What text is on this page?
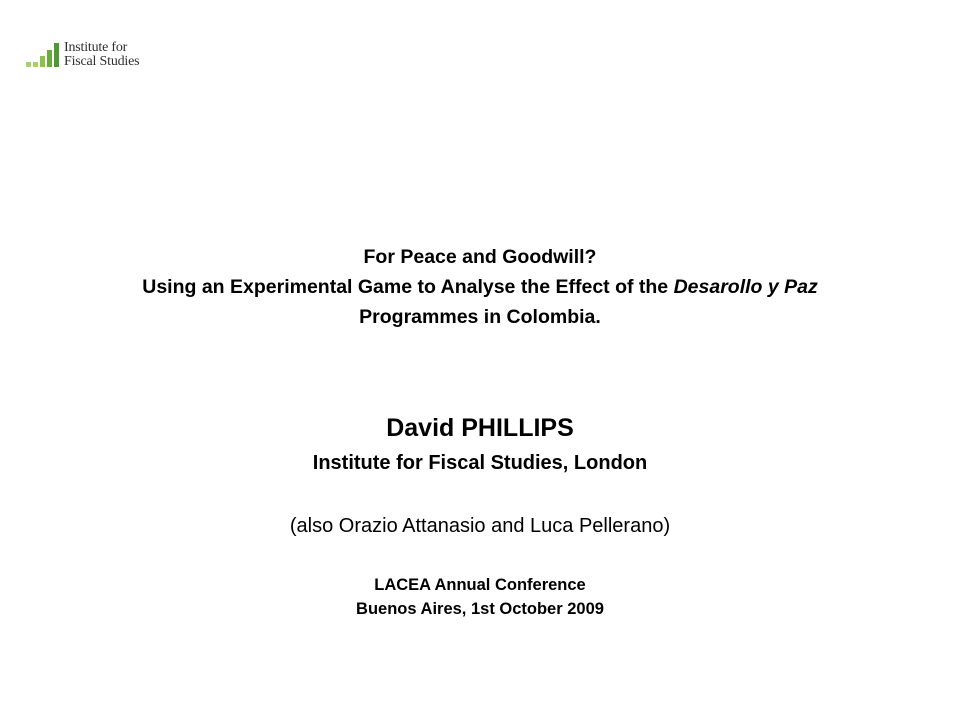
Institute for
Fiscal Studies
For Peace and Goodwill?
Using an Experimental Game to Analyse the Effect of the Desarollo y Paz
Programmes in Colombia.
David PHILLIPS
Institute for Fiscal Studies, London
(also Orazio Attanasio and Luca Pellerano)
LACEA Annual Conference
Buenos Aires, 1st October 2009
